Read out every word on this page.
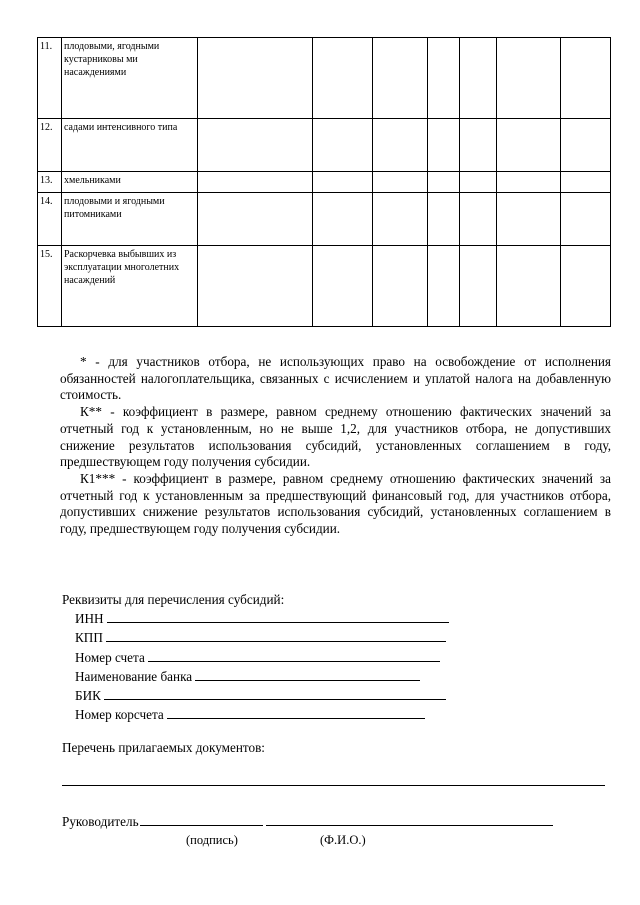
11.	плодовыми, ягодными кустарниковы ми насаждениями							
12.	садами интенсивного типа							
13.	хмельниками							
14.	плодовыми и ягодными питомниками							
15.	Раскорчевка выбывших из эксплуатации многолетних насаждений							

* - для участников отбора, не использующих право на освобождение от исполнения обязанностей налогоплательщика, связанных с исчислением и уплатой налога на добавленную стоимость.

К** - коэффициент в размере, равном среднему отношению фактических значений за отчетный год к установленным, но не выше 1,2, для участников отбора, не допустивших снижение результатов использования субсидий, установленных соглашением в году, предшествующем году получения субсидии.

К1*** - коэффициент в размере, равном среднему отношению фактических значений за отчетный год к установленным за предшествующий финансовый год, для участников отбора, допустивших снижение результатов использования субсидий, установленных соглашением в году, предшествующем году получения субсидии.

Реквизиты для перечисления субсидий:
ИНН
КПП
Номер счета
Наименование банка
БИК
Номер корсчета
Перечень прилагаемых документов:
Руководитель
(подпись)	(Ф.И.О.)
